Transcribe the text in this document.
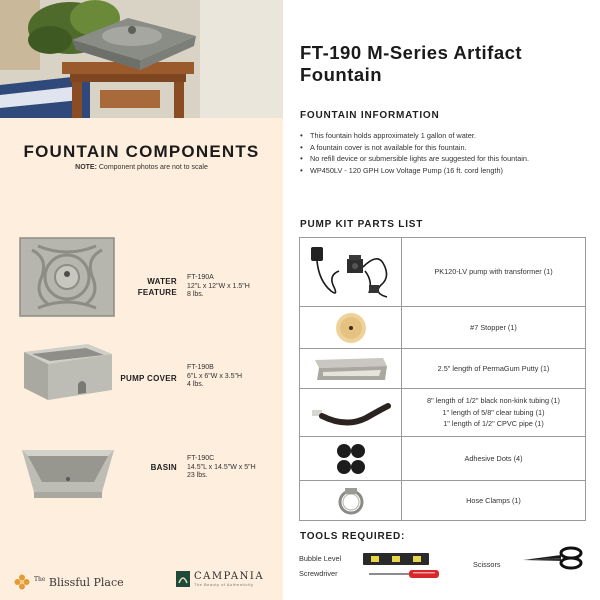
FOUNTAIN COMPONENTS
NOTE: Component photos are not to scale
WATER FEATURE
FT-190A
12"L x 12"W x 1.5"H
8 lbs.
PUMP COVER
FT-190B
6"L x 6"W x 3.5"H
4 lbs.
BASIN
FT-190C
14.5"L x 14.5"W x 5"H
23 lbs.
$^{The}$ Blissful Place	CAMPANIA
The Beauty of Authenticity
FT-190 M-Series Artifact Fountain
FOUNTAIN INFORMATION
• This fountain holds approximately 1 gallon of water.
• A fountain cover is not available for this fountain.
• No refill device or submersible lights are suggested for this fountain.
• WP450LV - 120 GPH Low Voltage Pump (16 ft. cord length)
PUMP KIT PARTS LIST

PK120-LV pump with transformer (1)

#7 Stopper (1)

2.5" length of PermaGum Putty (1)

8" length of 1/2" black non-kink tubing (1)
1" length of 5/8" clear tubing (1)
1" length of 1/2" CPVC pipe (1)

Adhesive Dots (4)

Hose Clamps (1)
TOOLS REQUIRED:
Bubble Level
Screwdriver
Scissors
